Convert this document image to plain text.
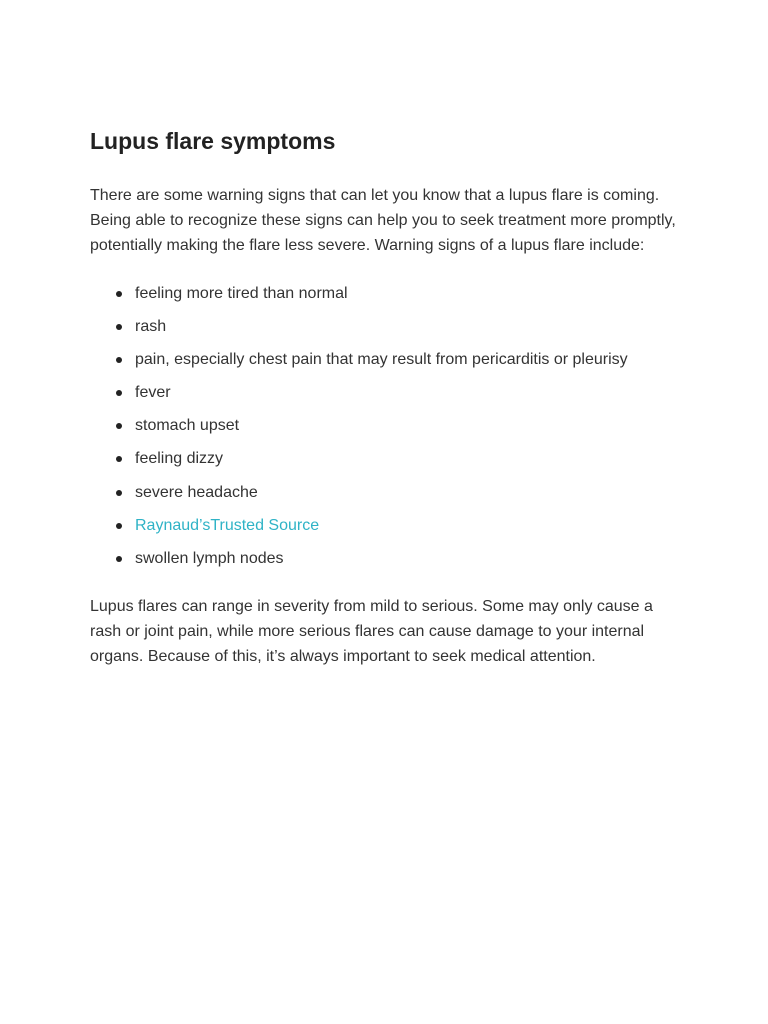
Lupus flare symptoms

There are some warning signs that can let you know that a lupus flare is coming. Being able to recognize these signs can help you to seek treatment more promptly, potentially making the flare less severe. Warning signs of a lupus flare include:

feeling more tired than normal
rash
pain, especially chest pain that may result from pericarditis or pleurisy
fever
stomach upset
feeling dizzy
severe headache
Raynaud’sTrusted Source
swollen lymph nodes

Lupus flares can range in severity from mild to serious. Some may only cause a rash or joint pain, while more serious flares can cause damage to your internal organs. Because of this, it’s always important to seek medical attention.
